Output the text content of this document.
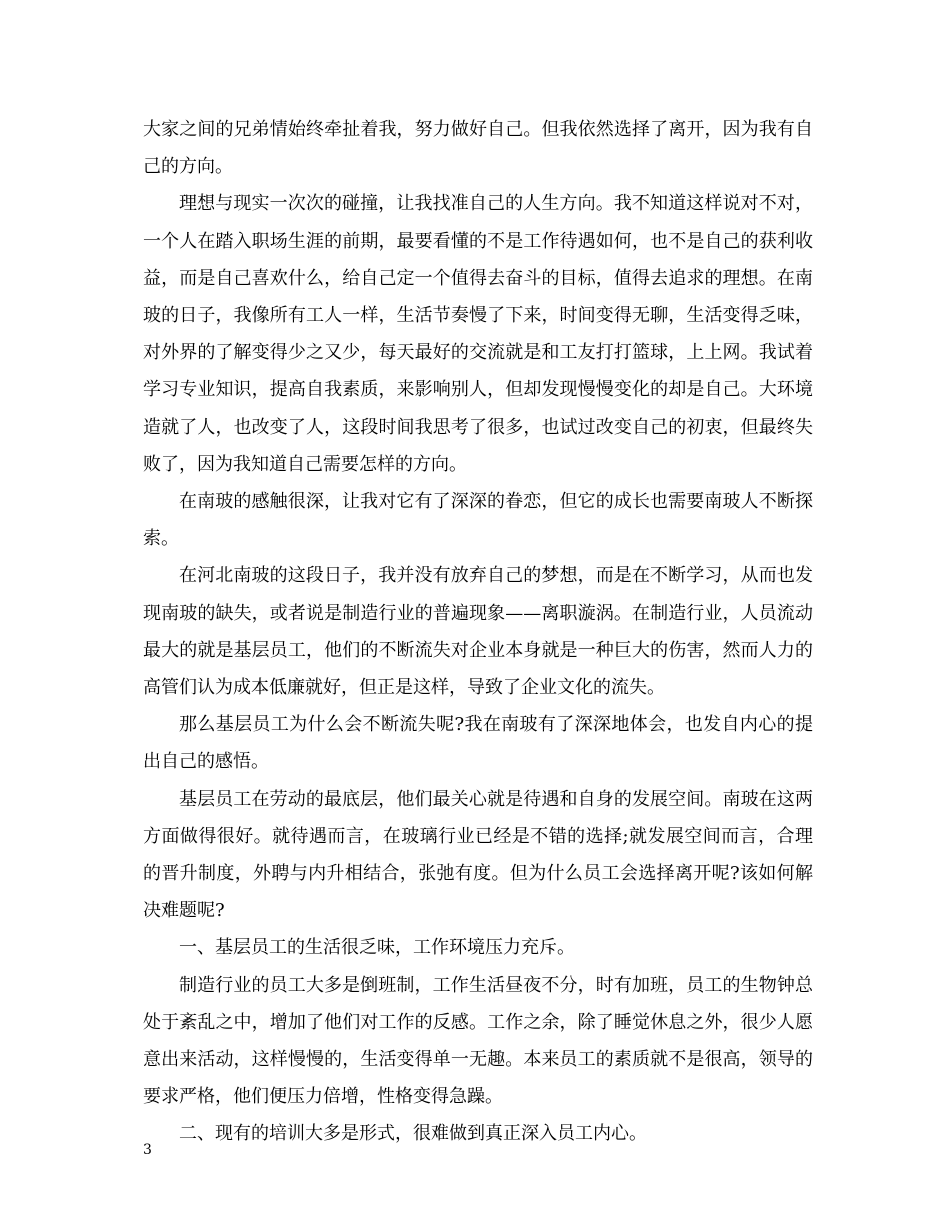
大家之间的兄弟情始终牵扯着我，努力做好自己。但我依然选择了离开，因为我有自己的方向。

理想与现实一次次的碰撞，让我找准自己的人生方向。我不知道这样说对不对，一个人在踏入职场生涯的前期，最要看懂的不是工作待遇如何，也不是自己的获利收益，而是自己喜欢什么，给自己定一个值得去奋斗的目标，值得去追求的理想。在南玻的日子，我像所有工人一样，生活节奏慢了下来，时间变得无聊，生活变得乏味，对外界的了解变得少之又少，每天最好的交流就是和工友打打篮球，上上网。我试着学习专业知识，提高自我素质，来影响别人，但却发现慢慢变化的却是自己。大环境造就了人，也改变了人，这段时间我思考了很多，也试过改变自己的初衷，但最终失败了，因为我知道自己需要怎样的方向。

在南玻的感触很深，让我对它有了深深的眷恋，但它的成长也需要南玻人不断探索。

在河北南玻的这段日子，我并没有放弃自己的梦想，而是在不断学习，从而也发现南玻的缺失，或者说是制造行业的普遍现象——离职漩涡。在制造行业，人员流动最大的就是基层员工，他们的不断流失对企业本身就是一种巨大的伤害，然而人力的高管们认为成本低廉就好，但正是这样，导致了企业文化的流失。

那么基层员工为什么会不断流失呢?我在南玻有了深深地体会，也发自内心的提出自己的感悟。

基层员工在劳动的最底层，他们最关心就是待遇和自身的发展空间。南玻在这两方面做得很好。就待遇而言，在玻璃行业已经是不错的选择;就发展空间而言，合理的晋升制度，外聘与内升相结合，张弛有度。但为什么员工会选择离开呢?该如何解决难题呢?

一、基层员工的生活很乏味，工作环境压力充斥。

制造行业的员工大多是倒班制，工作生活昼夜不分，时有加班，员工的生物钟总处于紊乱之中，增加了他们对工作的反感。工作之余，除了睡觉休息之外，很少人愿意出来活动，这样慢慢的，生活变得单一无趣。本来员工的素质就不是很高，领导的要求严格，他们便压力倍增，性格变得急躁。

二、现有的培训大多是形式，很难做到真正深入员工内心。

3
